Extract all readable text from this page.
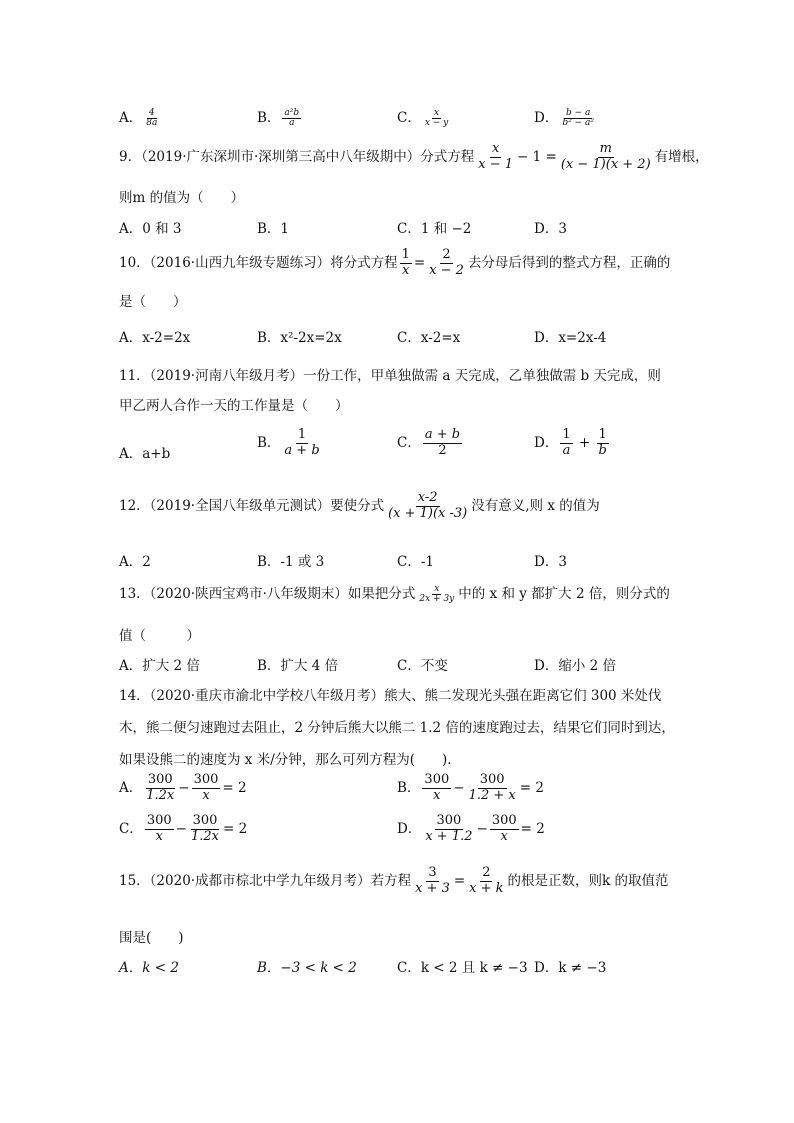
A． $\frac{4}{8a}$	B． $\frac{\text{a²b}}{a}$	C． $\frac{x}{x - y}$	D． $\frac{b - a}{\text{b² − a²}}$
9．（2019·广东深圳市·深圳第三高中八年级期中）分式方程 $\frac{x}{x - 1} - 1 = \frac{m}{(x - 1)(x + 2)}$ 有增根，
则m 的值为（　　）
A．0 和 3	B．1	C．1 和 −2	D．3
10．（2016·山西九年级专题练习）将分式方程 $\frac{1}{x} = \frac{2}{x - 2}$ 去分母后得到的整式方程，正确的
是（　　）
A．x-2=2x	B．x²-2x=2x	C．x-2=x	D．x=2x-4
11．（2019·河南八年级月考）一份工作，甲单独做需 a 天完成，乙单独做需 b 天完成，则
甲乙两人合作一天的工作量是（　　）
A．a+b
B． $\frac{1}{a + b}$	C． $\frac{a + b}{2}$	D． $\frac{1}{a} + \frac{1}{b}$
12．（2019·全国八年级单元测试）要使分式 $\frac{x-2}{(x + 1)(x -3)}$ 没有意义,则 x 的值为
A．2	B．-1 或 3	C．-1	D．3
13．（2020·陕西宝鸡市·八年级期末）如果把分式 $\frac{x}{2x + 3y}$ 中的 x 和 y 都扩大 2 倍，则分式的
值（　　　）
A．扩大 2 倍	B．扩大 4 倍	C．不变	D．缩小 2 倍
14．（2020·重庆市渝北中学校八年级月考）熊大、熊二发现光头强在距离它们 300 米处伐
木，熊二便匀速跑过去阻止，2 分钟后熊大以熊二 1.2 倍的速度跑过去，结果它们同时到达，
如果设熊二的速度为 x 米/分钟，那么可列方程为(　　).
A． $\frac{300}{1.2x} - \frac{300}{x} = 2$	B． $\frac{300}{x} - \frac{300}{1.2 + x} = 2$
C． $\frac{300}{x} - \frac{300}{1.2x} = 2$	D． $\frac{300}{x + 1.2} - \frac{300}{x} = 2$
15．（2020·成都市棕北中学九年级月考）若方程 $\frac{3}{x + 3} = \frac{2}{x + k}$ 的根是正数，则k 的取值范
围是(　　)
A．k < 2	B．−3 < k < 2	C．k < 2 且 k ≠ −3 D．k ≠ −3
